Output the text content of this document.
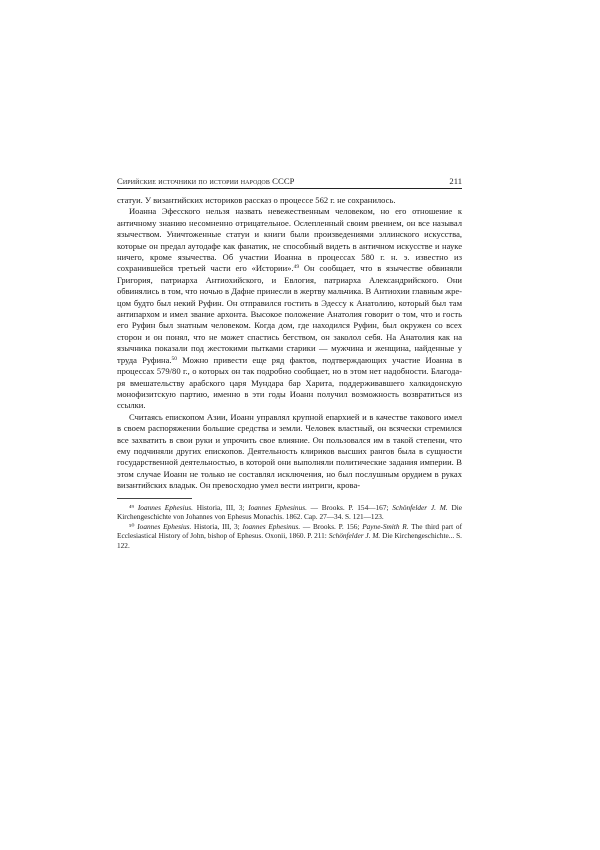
Сирийские источники по истории народов СССР	211

статуи. У византийских историков рассказ о процессе 562 г. не сохранилось.

Иоанна Эфесского нельзя назвать невежественным человеком, но его отношение к античному знанию несомненно отрицательное. Ослепленный своим рвением, он все называл язычеством. Уничтоженные статуи и книги были произведениями эллинского искусства, которые он предал аутодафе как фанатик, не способный видеть в античном искусстве и науке ничего, кроме язычества. Об участии Иоанна в процессах 580 г. н. э. известно из сохранившейся третьей части его «Истории».$^{49}$ Он сообщает, что в язычестве обвиняли Григория, патриарха Антиохийского, и Евлогия, патриарха Александрийского. Они обвинялись в том, что ночью в Дафне принесли в жертву мальчика. В Антиохии главным жрецом будто был некий Руфин. Он отправился гостить в Эдессу к Анатолию, который был там антипархом и имел звание архонта. Высокое положение Анатолия говорит о том, что и гость его Руфин был знатным человеком. Когда дом, где находился Руфин, был окружен со всех сторон и он понял, что не может спастись бегством, он заколол себя. На Анатолия как на язычника показали под жестокими пытками старики — мужчина и женщина, найденные у труда Руфина.$^{50}$ Можно привести еще ряд фактов, подтверждающих участие Иоанна в процессах 579/80 г., о которых он так подробно сообщает, но в этом нет надобности. Благодаря вмешательству арабского царя Мундара бар Харита, поддерживавшего халкидонскую монофизитскую партию, именно в эти годы Иоанн получил возможность возвратиться из ссылки.

Считаясь епископом Азии, Иоанн управлял крупной епархией и в качестве такового имел в своем распоряжении большие средства и земли. Человек властный, он всячески стремился все захватить в свои руки и упрочить свое влияние. Он пользовался им в такой степени, что ему подчиняли других епископов. Деятельность клириков высших рангов была в сущности государственной деятельностью, в которой они выполняли политические задания империи. В этом случае Иоанн не только не составлял исключения, но был послушным орудием в руках византийских владык. Он превосходно умел вести интриги, крова-

⁴⁹ Ioannes Ephesius. Historia, III, 3; Ioannes Ephesinus. — Brooks. P. 154—167; Schönfelder J. M. Die Kirchengeschichte von Johannes von Ephesus Monachis. 1862. Cap. 27—34. S. 121—123.

⁵⁰ Ioannes Ephesius. Historia, III, 3; Ioannes Ephesinus. — Brooks. P. 156; Payne-Smith R. The third part of Ecclesiastical History of John, bishop of Ephesus. Oxonii, 1860. P. 211: Schönfelder J. M. Die Kirchengeschichte... S. 122.
